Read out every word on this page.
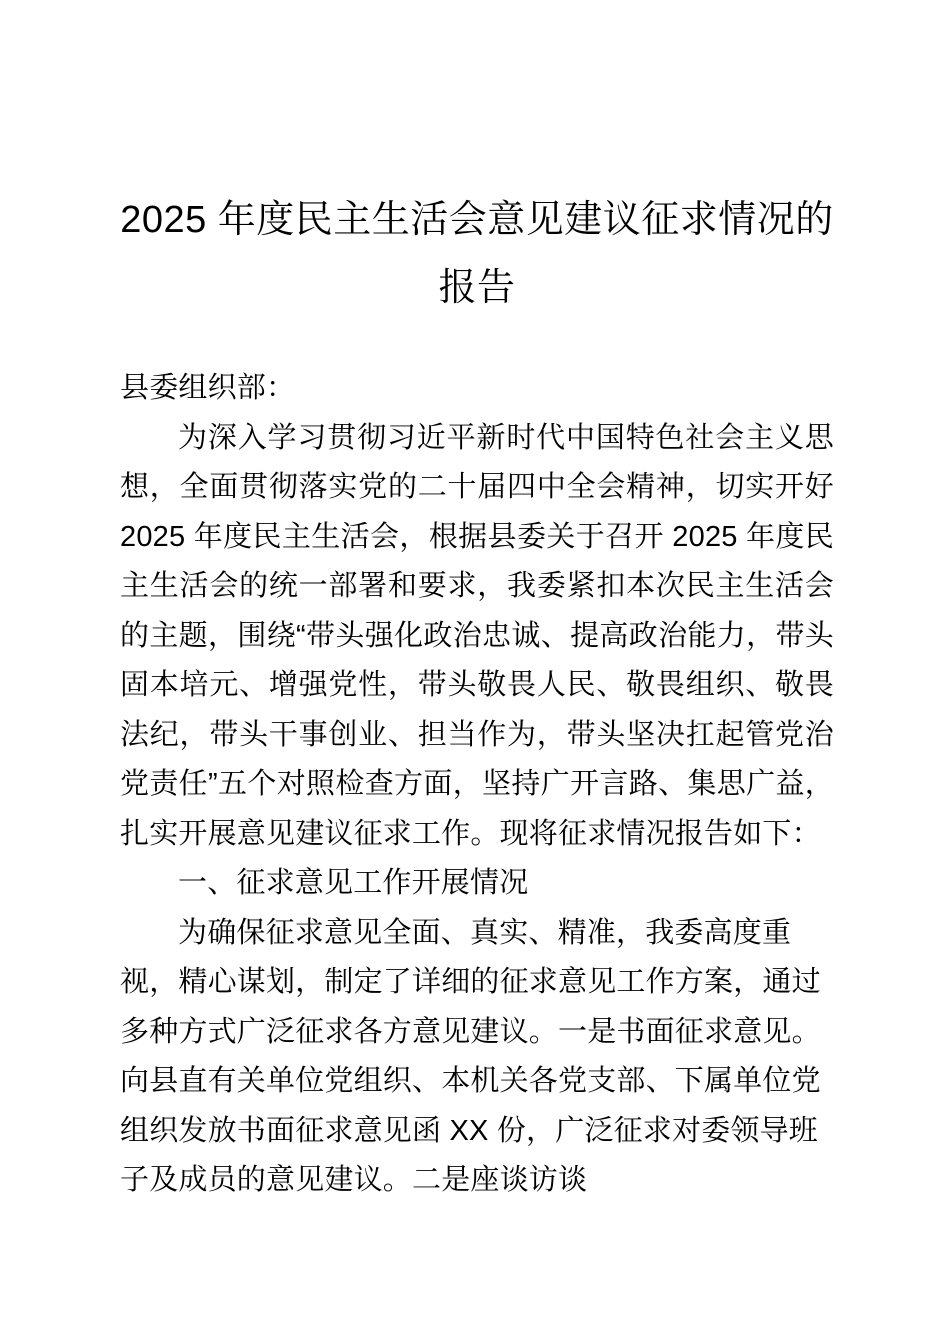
2025 年度民主生活会意见建议征求情况的
报告

县委组织部：

为深入学习贯彻习近平新时代中国特色社会主义思想，全面贯彻落实党的二十届四中全会精神，切实开好 2025 年度民主生活会，根据县委关于召开 2025 年度民主生活会的统一部署和要求，我委紧扣本次民主生活会的主题，围绕“带头强化政治忠诚、提高政治能力，带头固本培元、增强党性，带头敬畏人民、敬畏组织、敬畏法纪，带头干事创业、担当作为，带头坚决扛起管党治党责任”五个对照检查方面，坚持广开言路、集思广益，扎实开展意见建议征求工作。现将征求情况报告如下：

一、征求意见工作开展情况

为确保征求意见全面、真实、精准，我委高度重视，精心谋划，制定了详细的征求意见工作方案，通过多种方式广泛征求各方意见建议。一是书面征求意见。向县直有关单位党组织、本机关各党支部、下属单位党组织发放书面征求意见函 XX 份，广泛征求对委领导班子及成员的意见建议。二是座谈访谈
